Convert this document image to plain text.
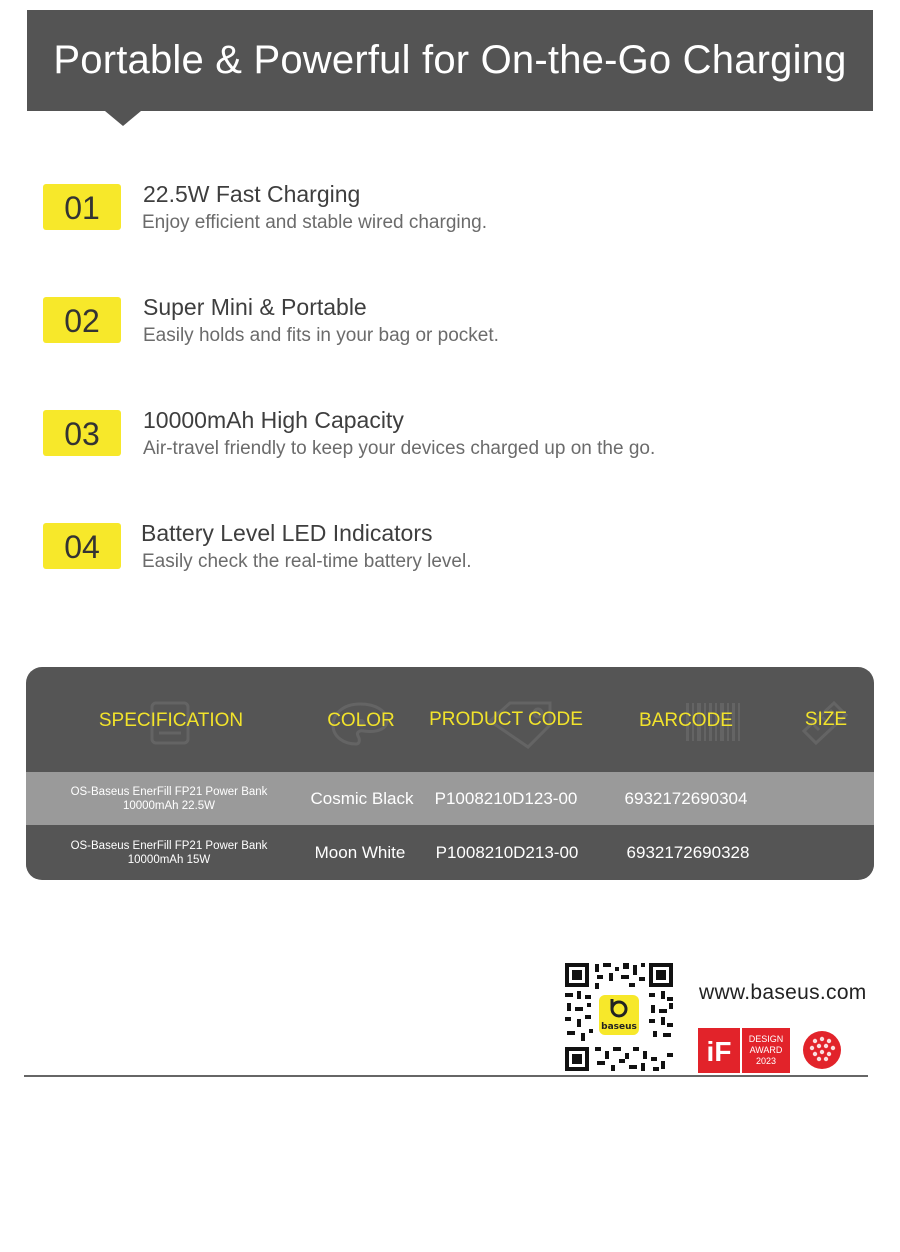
Portable & Powerful for On-the-Go Charging
01	22.5W Fast Charging
Enjoy efficient and stable wired charging.
02	Super Mini & Portable
Easily holds and fits in your bag or pocket.
03	10000mAh High Capacity
Air-travel friendly to keep your devices charged up on the go.
04	Battery Level LED Indicators
Easily check the real-time battery level.
SPECIFICATION	COLOR	PRODUCT CODE	BARCODE	SIZE
OS-Baseus EnerFill FP21 Power Bank
10000mAh 22.5W	Cosmic Black	P1008210D123-00	6932172690304
OS-Baseus EnerFill FP21 Power Bank
10000mAh 15W	Moon White	P1008210D213-00	6932172690328
baseus
www.baseus.com
iF DESIGN
AWARD
2023
